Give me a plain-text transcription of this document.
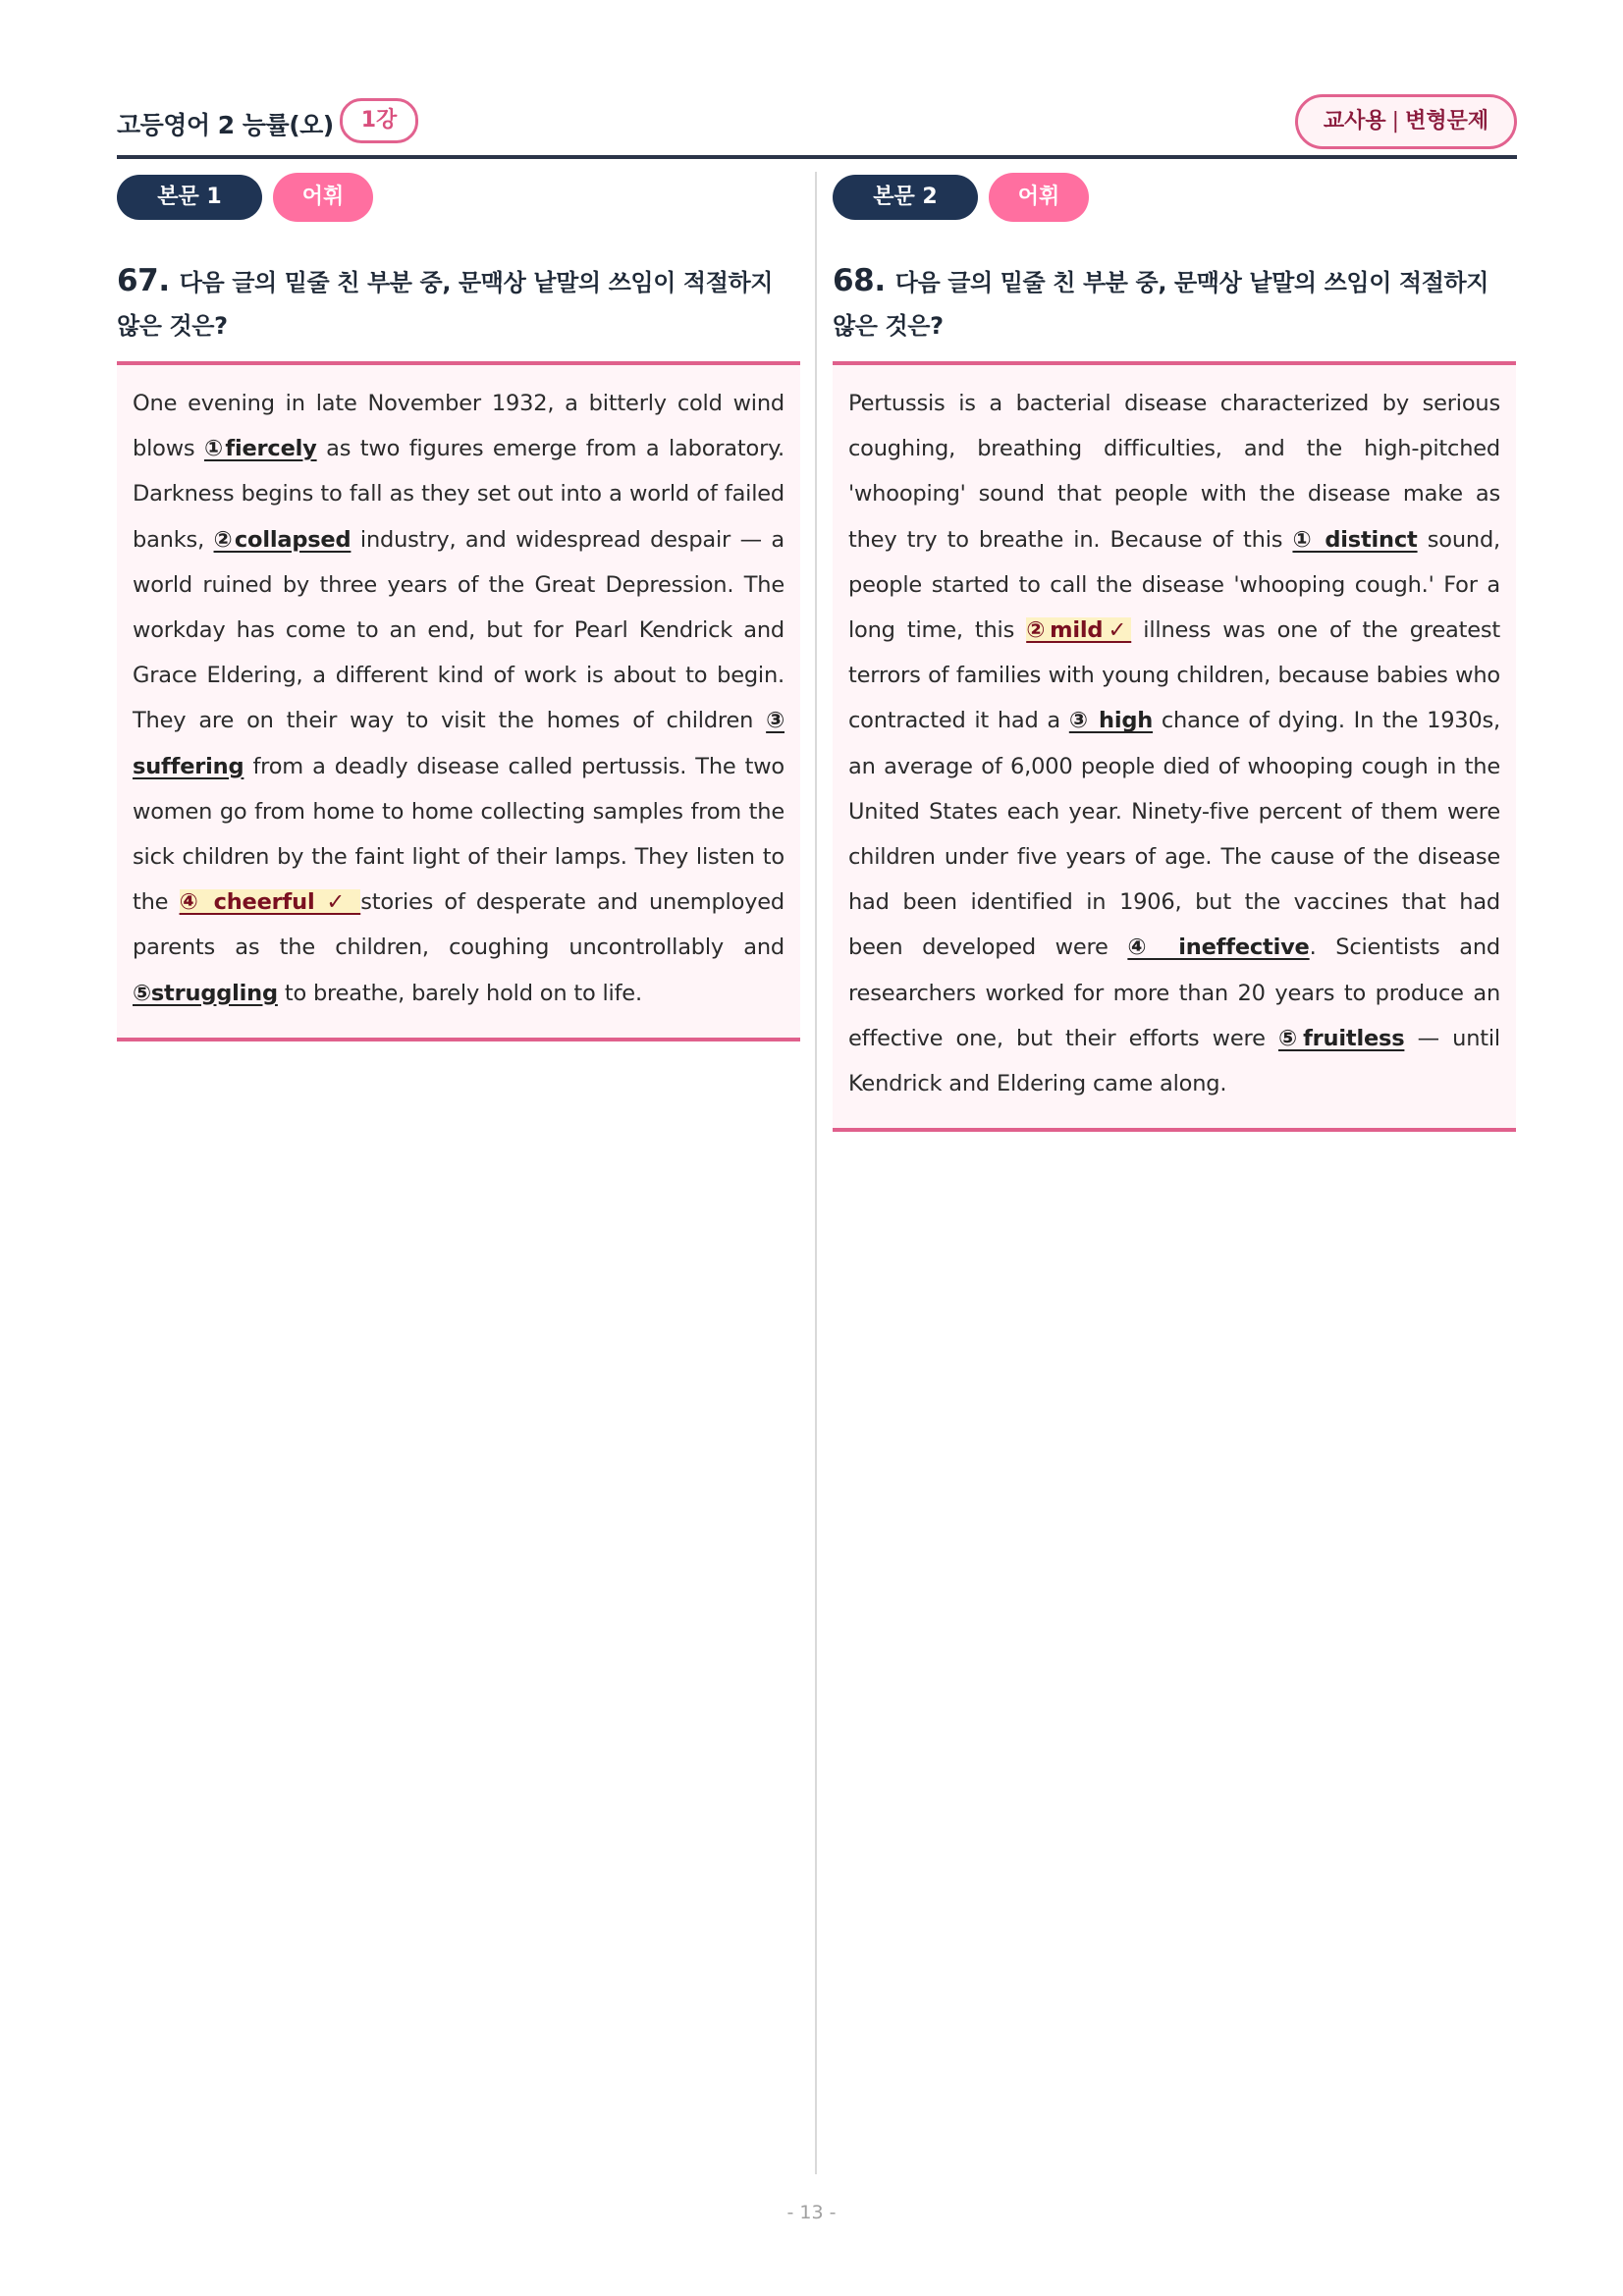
고등영어 2 능률(오)	1강	교사용 | 변형문제
본문 1	어휘
67. 다음 글의 밑줄 친 부분 중, 문맥상 낱말의 쓰임이 적절하지 않은 것은?
One evening in late November 1932, a bitterly cold wind blows ①fiercely as two figures emerge from a laboratory. Darkness begins to fall as they set out into a world of failed banks, ②collapsed industry, and widespread despair — a world ruined by three years of the Great Depression. The workday has come to an end, but for Pearl Kendrick and Grace Eldering, a different kind of work is about to begin. They are on their way to visit the homes of children ③ suffering from a deadly disease called pertussis. The two women go from home to home collecting samples from the sick children by the faint light of their lamps. They listen to the ④ cheerful ✓ stories of desperate and unemployed parents as the children, coughing uncontrollably and ⑤struggling to breathe, barely hold on to life.
본문 2	어휘
68. 다음 글의 밑줄 친 부분 중, 문맥상 낱말의 쓰임이 적절하지 않은 것은?
Pertussis is a bacterial disease characterized by serious coughing, breathing difficulties, and the high-pitched 'whooping' sound that people with the disease make as they try to breathe in. Because of this ① distinct sound, people started to call the disease 'whooping cough.' For a long time, this ②mild✓ illness was one of the greatest terrors of families with young children, because babies who contracted it had a ③ high chance of dying. In the 1930s, an average of 6,000 people died of whooping cough in the United States each year. Ninety-five percent of them were children under five years of age. The cause of the disease had been identified in 1906, but the vaccines that had been developed were ④ ineffective. Scientists and researchers worked for more than 20 years to produce an effective one, but their efforts were ⑤fruitless — until Kendrick and Eldering came along.
- 13 -
